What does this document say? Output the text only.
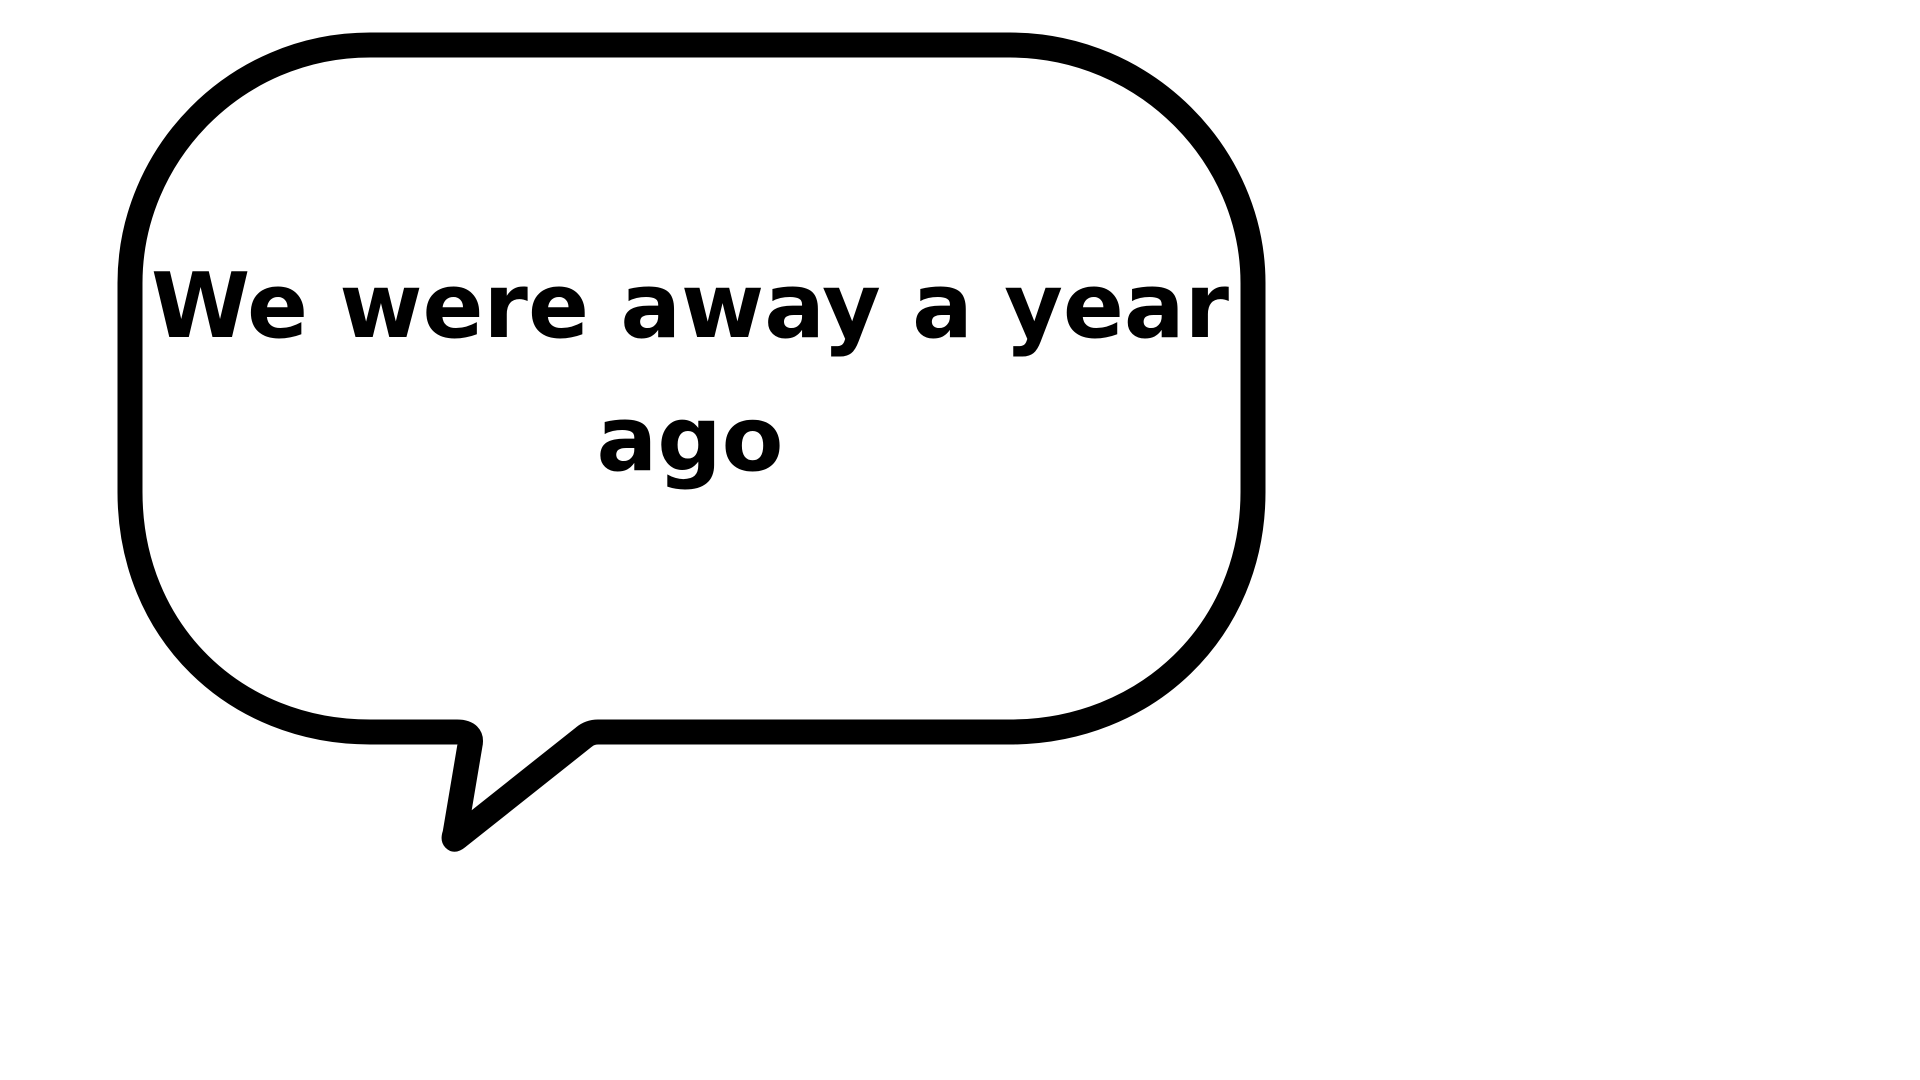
We were away a year ago
